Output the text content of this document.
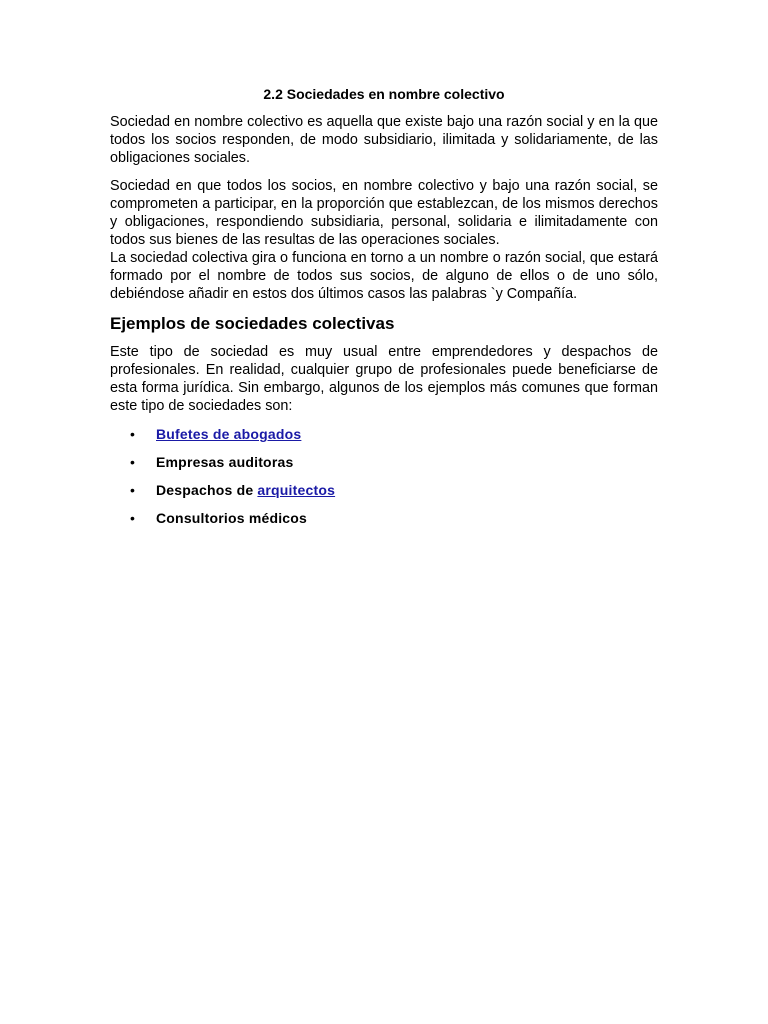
2.2 Sociedades en nombre colectivo

Sociedad en nombre colectivo es aquella que existe bajo una razón social y en la que todos los socios responden, de modo subsidiario, ilimitada y solidariamente, de las obligaciones sociales.

Sociedad en que todos los socios, en nombre colectivo y bajo una razón social, se comprometen a participar, en la proporción que establezcan, de los mismos derechos y obligaciones, respondiendo subsidiaria, personal, solidaria e ilimitadamente con todos sus bienes de las resultas de las operaciones sociales.

La sociedad colectiva gira o funciona en torno a un nombre o razón social, que estará formado por el nombre de todos sus socios, de alguno de ellos o de uno sólo, debiéndose añadir en estos dos últimos casos las palabras `y Compañía.

Ejemplos de sociedades colectivas

Este tipo de sociedad es muy usual entre emprendedores y despachos de profesionales. En realidad, cualquier grupo de profesionales puede beneficiarse de esta forma jurídica. Sin embargo, algunos de los ejemplos más comunes que forman este tipo de sociedades son:

• Bufetes de abogados
• Empresas auditoras
• Despachos de arquitectos
• Consultorios médicos
